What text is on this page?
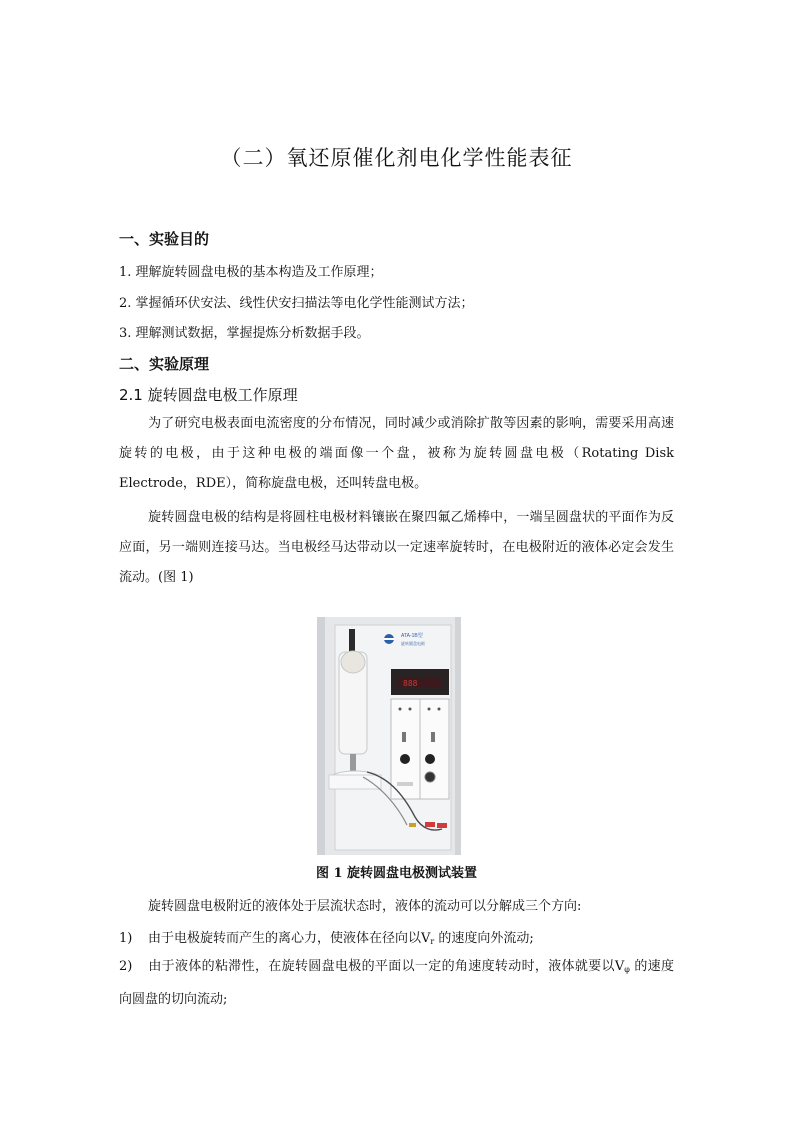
（二）氧还原催化剂电化学性能表征
一、实验目的
1. 理解旋转圆盘电极的基本构造及工作原理；
2. 掌握循环伏安法、线性伏安扫描法等电化学性能测试方法；
3. 理解测试数据，掌握提炼分析数据手段。
二、实验原理
2.1 旋转圆盘电极工作原理
为了研究电极表面电流密度的分布情况，同时减少或消除扩散等因素的影响，需要采用高速旋转的电极，由于这种电极的端面像一个盘，被称为旋转圆盘电极（Rotating Disk Electrode，RDE），简称旋盘电极，还叫转盘电极。
旋转圆盘电极的结构是将圆柱电极材料镶嵌在聚四氟乙烯棒中，一端呈圆盘状的平面作为反应面，另一端则连接马达。当电极经马达带动以一定速率旋转时，在电极附近的液体必定会发生流动。(图 1)
ATA-1B型
旋转圆盘电极
888
图 1 旋转圆盘电极测试装置
旋转圆盘电极附近的液体处于层流状态时，液体的流动可以分解成三个方向:
1) 由于电极旋转而产生的离心力，使液体在径向以$V_r$ 的速度向外流动;
2) 由于液体的粘滞性，在旋转圆盘电极的平面以一定的角速度转动时，液体就要以$V_\varphi$ 的速度向圆盘的切向流动;
